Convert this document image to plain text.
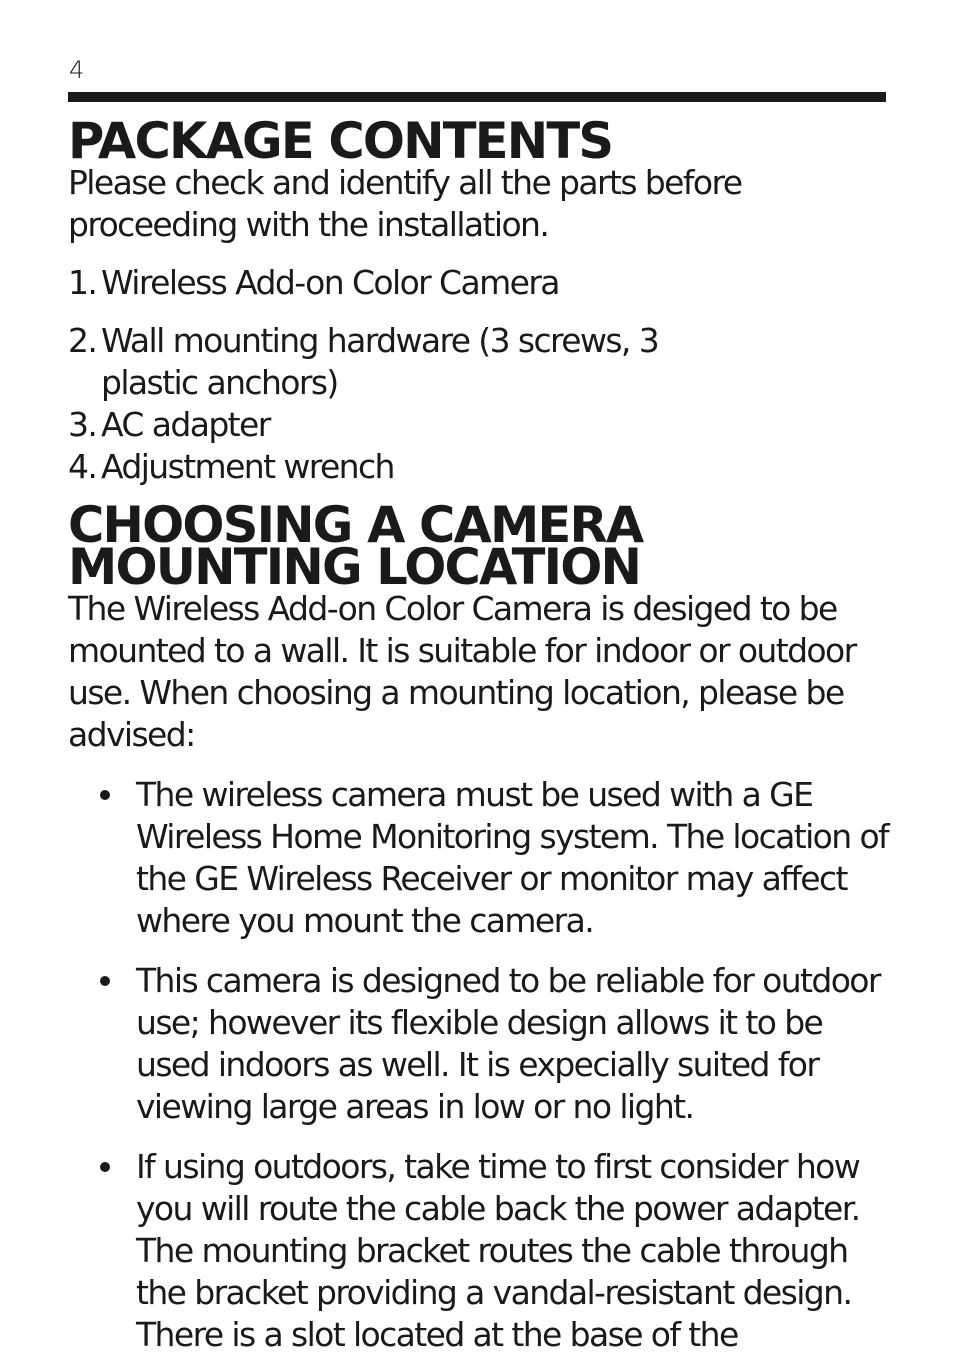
4
PACKAGE CONTENTS

Please check and identify all the parts before proceeding with the installation.

1. Wireless Add-on Color Camera
2. Wall mounting hardware (3 screws, 3 plastic anchors)
3. AC adapter
4. Adjustment wrench
CHOOSING A CAMERA MOUNTING LOCATION

The Wireless Add-on Color Camera is desiged to be mounted to a wall. It is suitable for indoor or outdoor use. When choosing a mounting location, please be advised:

The wireless camera must be used with a GE Wireless Home Monitoring system. The location of the GE Wireless Receiver or monitor may affect where you mount the camera.
This camera is designed to be reliable for outdoor use; however its flexible design allows it to be used indoors as well. It is expecially suited for viewing large areas in low or no light.
If using outdoors, take time to first consider how you will route the cable back the power adapter. The mounting bracket routes the cable through the bracket providing a vandal-resistant design. There is a slot located at the base of the
